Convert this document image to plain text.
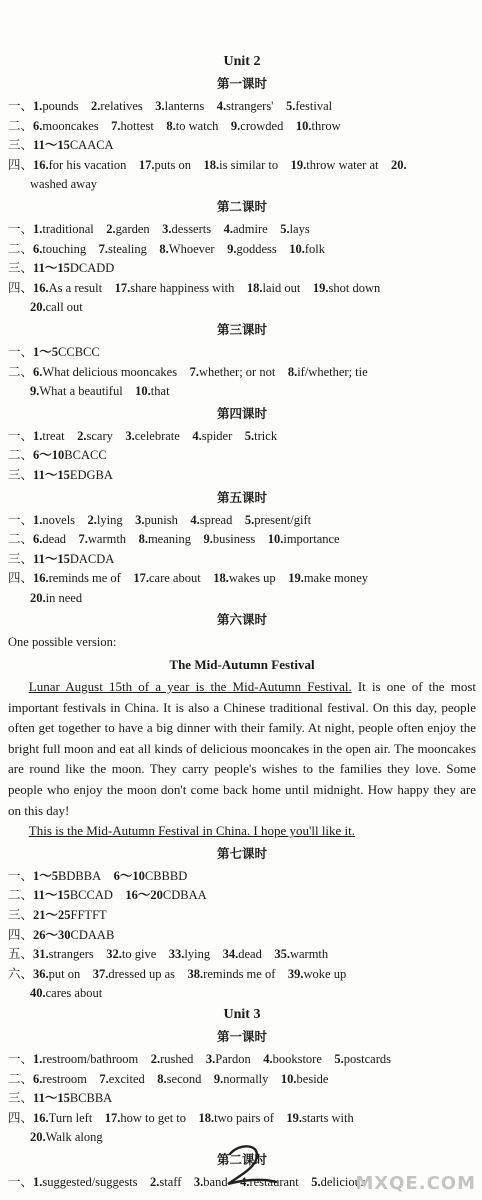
Unit 2
第一课时
一、1.pounds  2.relatives  3.lanterns  4.strangers'  5.festival
二、6.mooncakes  7.hottest  8.to watch  9.crowded  10.throw
三、11～15CAACA
四、16.for his vacation  17.puts on  18.is similar to  19.throw water at  20.
washed away
第二课时
一、1.traditional  2.garden  3.desserts  4.admire  5.lays
二、6.touching  7.stealing  8.Whoever  9.goddess  10.folk
三、11～15DCADD
四、16.As a result  17.share happiness with  18.laid out  19.shot down
20.call out
第三课时
一、1～5CCBCC
二、6.What delicious mooncakes  7.whether; or not  8.if/whether; tie
9.What a beautiful  10.that
第四课时
一、1.treat  2.scary  3.celebrate  4.spider  5.trick
二、6～10BCACC
三、11～15EDGBA
第五课时
一、1.novels  2.lying  3.punish  4.spread  5.present/gift
二、6.dead  7.warmth  8.meaning  9.business  10.importance
三、11～15DACDA
四、16.reminds me of  17.care about  18.wakes up  19.make money
20.in need
第六课时
One possible version:
The Mid-Autumn Festival
Lunar August 15th of a year is the Mid-Autumn Festival. It is one of the most important festivals in China. It is also a Chinese traditional festival. On this day, people often get together to have a big dinner with their family. At night, people often enjoy the bright full moon and eat all kinds of delicious mooncakes in the open air. The mooncakes are round like the moon. They carry people's wishes to the families they love. Some people who enjoy the moon don't come back home until midnight. How happy they are on this day!
This is the Mid-Autumn Festival in China. I hope you'll like it.
第七课时
一、1～5BDBBA  6～10CBBBD
二、11～15BCCAD  16～20CDBAA
三、21～25FFTFT
四、26～30CDAAB
五、31.strangers  32.to give  33.lying  34.dead  35.warmth
六、36.put on  37.dressed up as  38.reminds me of  39.woke up
40.cares about
Unit 3
第一课时
一、1.restroom/bathroom  2.rushed  3.Pardon  4.bookstore  5.postcards
二、6.restroom  7.excited  8.second  9.normally  10.beside
三、11～15BCBBA
四、16.Turn left  17.how to get to  18.two pairs of  19.starts with
20.Walk along
第二课时
一、1.suggested/suggests  2.staff  3.band  4.restaurant  5.delicious
MXQE.COM
